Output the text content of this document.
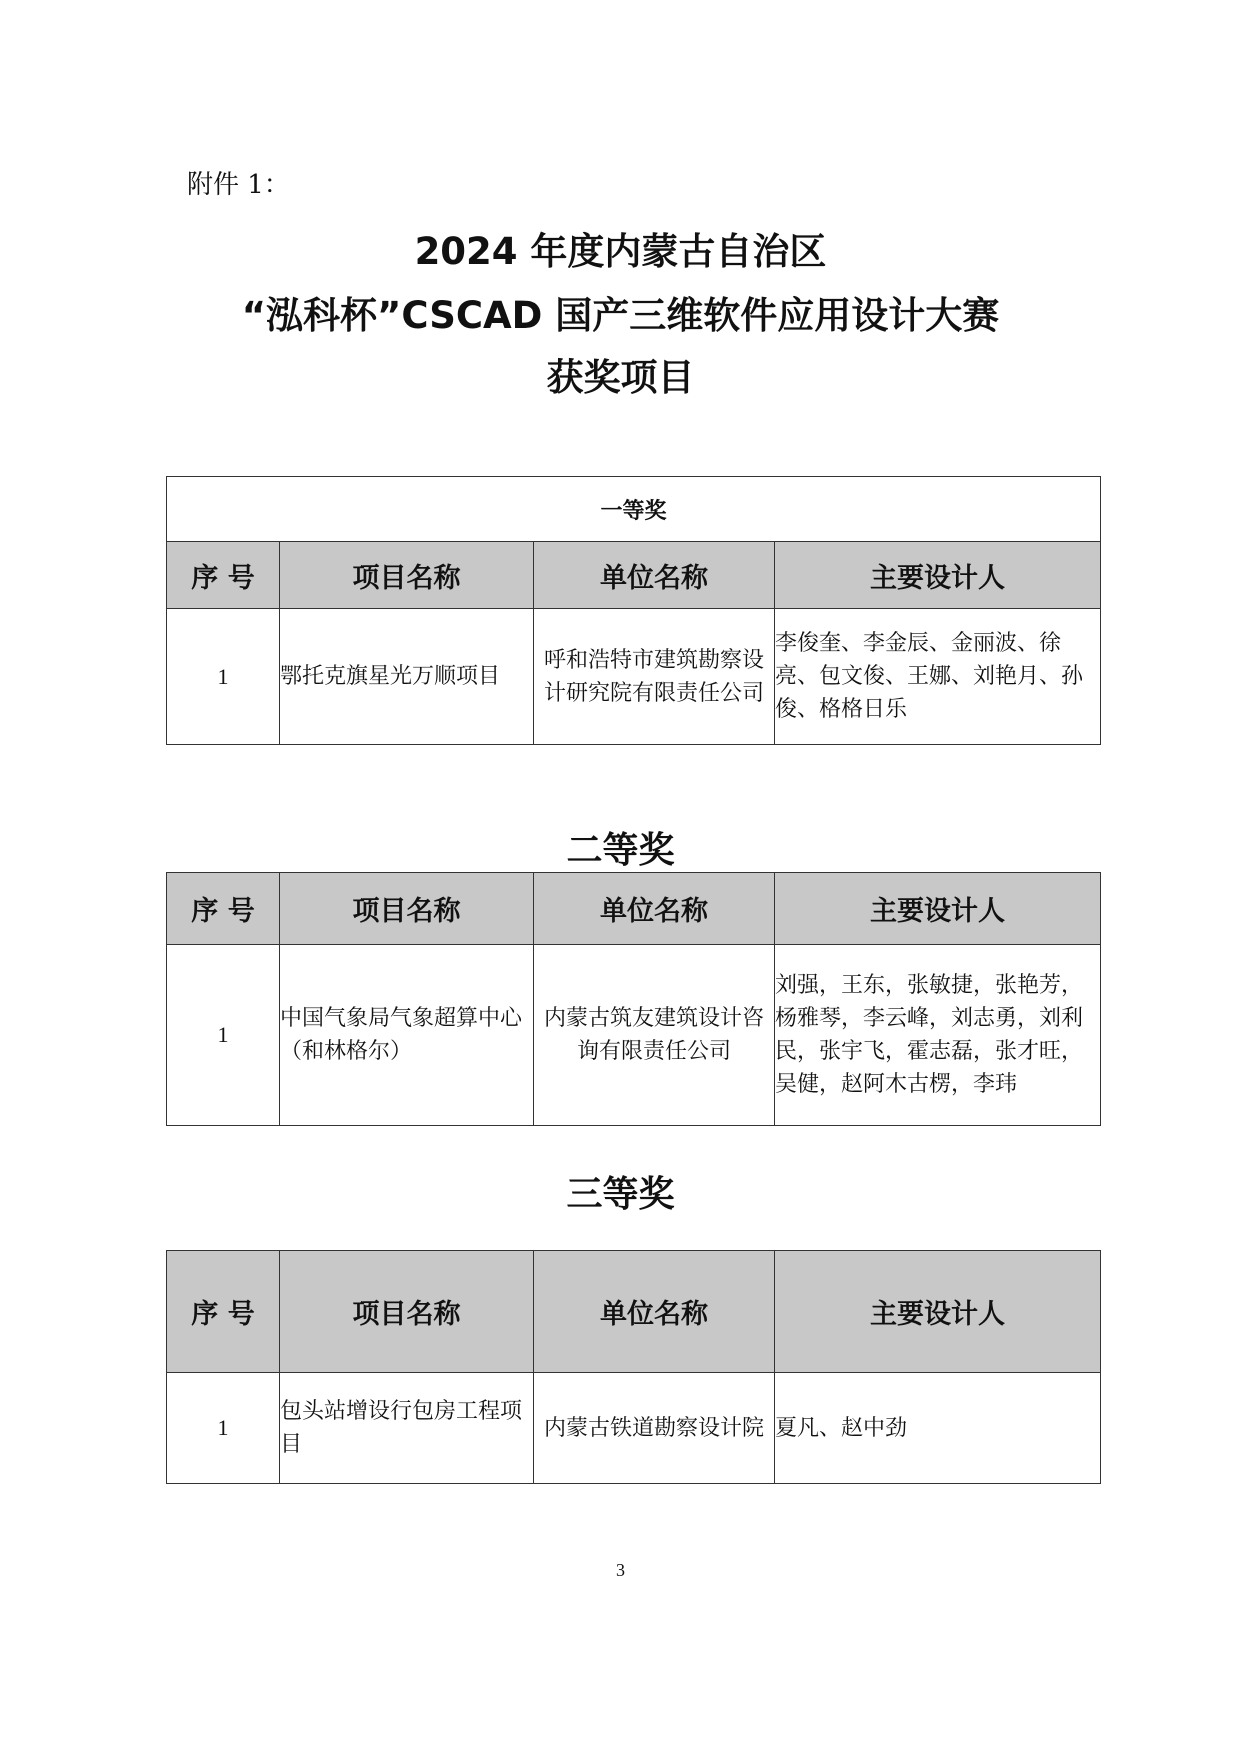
附件 1：
2024 年度内蒙古自治区
“泓科杯”CSCAD 国产三维软件应用设计大赛
获奖项目
一等奖			
序 号	项目名称	单位名称	主要设计人
1	鄂托克旗星光万顺项目	呼和浩特市建筑勘察设计研究院有限责任公司	李俊奎、李金辰、金丽波、徐亮、包文俊、王娜、刘艳月、孙俊、格格日乐
二等奖
序 号	项目名称	单位名称	主要设计人
1	中国气象局气象超算中心（和林格尔）	内蒙古筑友建筑设计咨询有限责任公司	刘强，王东，张敏捷，张艳芳，杨雅琴，李云峰，刘志勇，刘利民，张宇飞，霍志磊，张才旺，吴健，赵阿木古楞，李玮
三等奖
序 号	项目名称	单位名称	主要设计人
1	包头站增设行包房工程项目	内蒙古铁道勘察设计院	夏凡、赵中劲
3
